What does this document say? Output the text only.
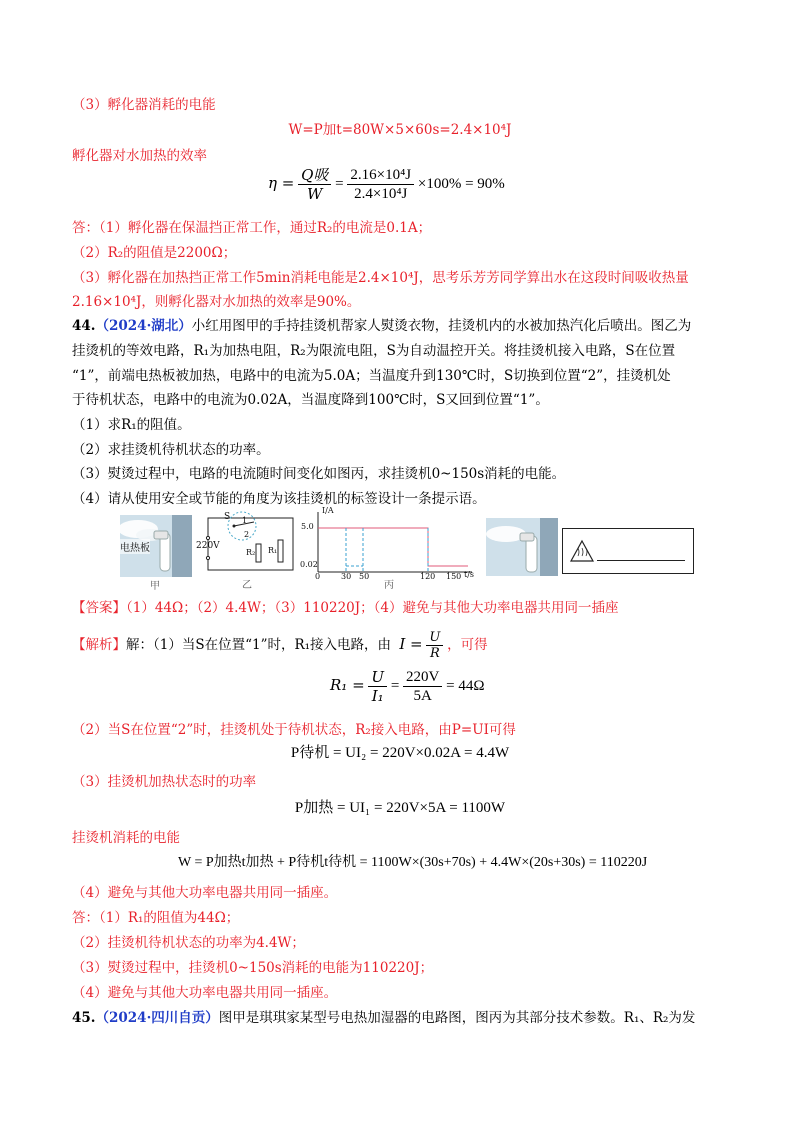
（3）孵化器消耗的电能
W=P加t=80W×5×60s=2.4×10⁴J
孵化器对水加热的效率
$\eta = \frac{\text{Q吸}}{W} = \frac{\text{2.16×10⁴J}}{\text{2.4×10⁴J}} \times 100\% = 90\%$
答：（1）孵化器在保温挡正常工作，通过R₂的电流是0.1A；
（2）R₂的阻值是2200Ω；
（3）孵化器在加热挡正常工作5min消耗电能是2.4×10⁴J，思考乐芳芳同学算出水在这段时间吸收热量
2.16×10⁴J，则孵化器对水加热的效率是90%。
44.（2024·湖北）小红用图甲的手持挂烫机帮家人熨烫衣物，挂烫机内的水被加热汽化后喷出。图乙为
挂烫机的等效电路，R₁为加热电阻，R₂为限流电阻，S为自动温控开关。将挂烫机接入电路，S在位置
“1”，前端电热板被加热，电路中的电流为5.0A；当温度升到130℃时，S切换到位置“2”，挂烫机处
于待机状态，电路中的电流为0.02A，当温度降到100℃时，S又回到位置“1”。
（1）求R₁的阻值。
（2）求挂烫机待机状态的功率。
（3）熨烫过程中，电路的电流随时间变化如图丙，求挂烫机0~150s消耗的电能。
（4）请从使用安全或节能的角度为该挂烫机的标签设计一条提示语。
电热板
甲
S 1
2
220V
R₂ R₁
乙
I/A
5.0
0.02
0	30 50	120 150 t/s
丙
【答案】（1）44Ω；（2）4.4W；（3）110220J；（4）避免与其他大功率电器共用同一插座
【解析】解：（1）当S在位置“1”时，R₁接入电路，由 $I = \frac{U}{R}$ ，可得
$R_1 = \frac{U}{\text{I₁}} = \frac{220V}{5A} = 44\Omega$
（2）当S在位置“2”时，挂烫机处于待机状态，R₂接入电路，由P=UI可得
P待机 = UI₂ = 220V×0.02A = 4.4W
（3）挂烫机加热状态时的功率
P加热 = UI₁ = 220V×5A = 1100W
挂烫机消耗的电能
W = P加热t加热 + P待机t待机 = 1100W×(30s+70s) + 4.4W×(20s+30s) = 110220J
（4）避免与其他大功率电器共用同一插座。
答：（1）R₁的阻值为44Ω；
（2）挂烫机待机状态的功率为4.4W；
（3）熨烫过程中，挂烫机0~150s消耗的电能为110220J；
（4）避免与其他大功率电器共用同一插座。
45.（2024·四川自贡）图甲是琪琪家某型号电热加湿器的电路图，图丙为其部分技术参数。R₁、R₂为发
